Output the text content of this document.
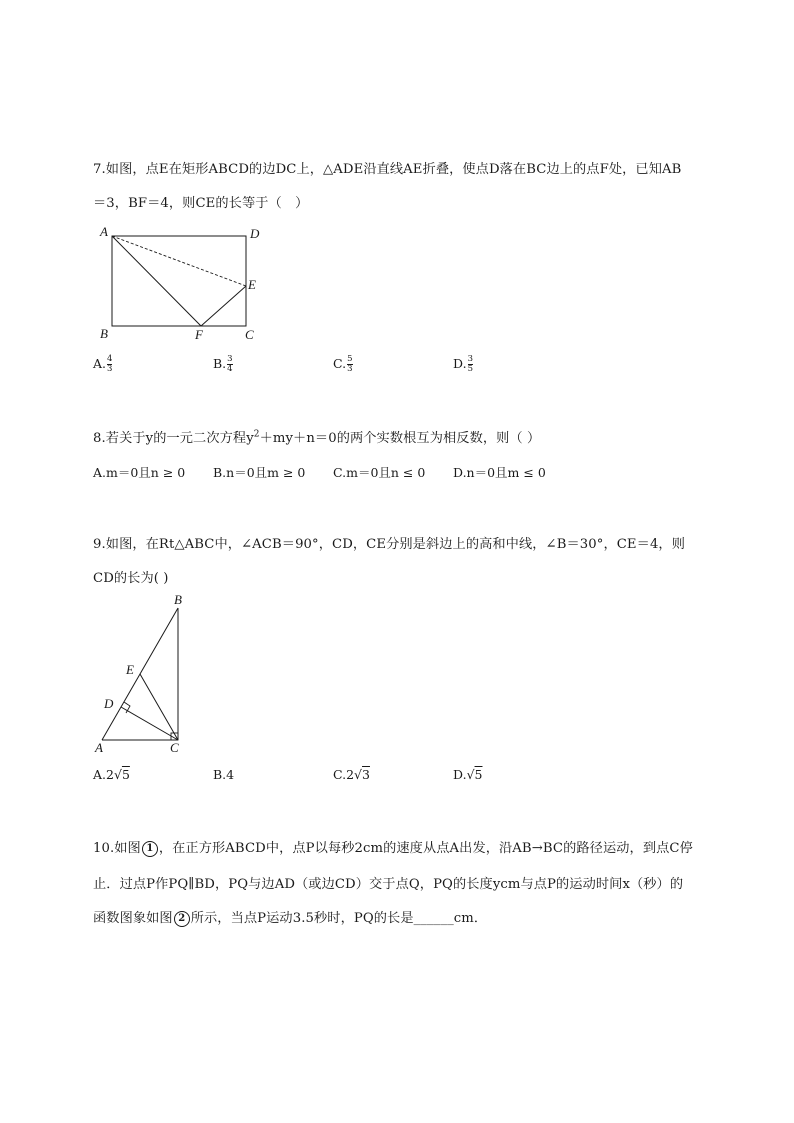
7.如图，点E在矩形ABCD的边DC上，△ADE沿直线AE折叠，使点D落在BC边上的点F处，已知AB
＝3，BF＝4，则CE的长等于（　）
A	D
E
B	F	C
A. $\frac{4}{3}$	B. $\frac{3}{4}$	C. $\frac{5}{3}$	D. $\frac{3}{5}$
8.若关于y的一元二次方程$y^2+my+n=0$的两个实数根互为相反数，则（ ）
A.m＝0且n ≥ 0 B.n＝0且m ≥ 0 C.m＝0且n ≤ 0 D.n＝0且m ≤ 0
9.如图，在Rt△ABC中，∠ACB＝90°，CD，CE分别是斜边上的高和中线，∠B＝30°，CE＝4，则
CD的长为( )
B
E
D
A	C
A.2√5	B.4	C.2√3	D.√5
10.如图 1 ，在正方形ABCD中，点P以每秒2cm的速度从点A出发，沿AB→BC的路径运动，到点C停
止．过点P作PQ∥BD，PQ与边AD（或边CD）交于点Q，PQ的长度ycm与点P的运动时间x（秒）的
函数图象如图 2 所示，当点P运动3.5秒时，PQ的长是______cm．
